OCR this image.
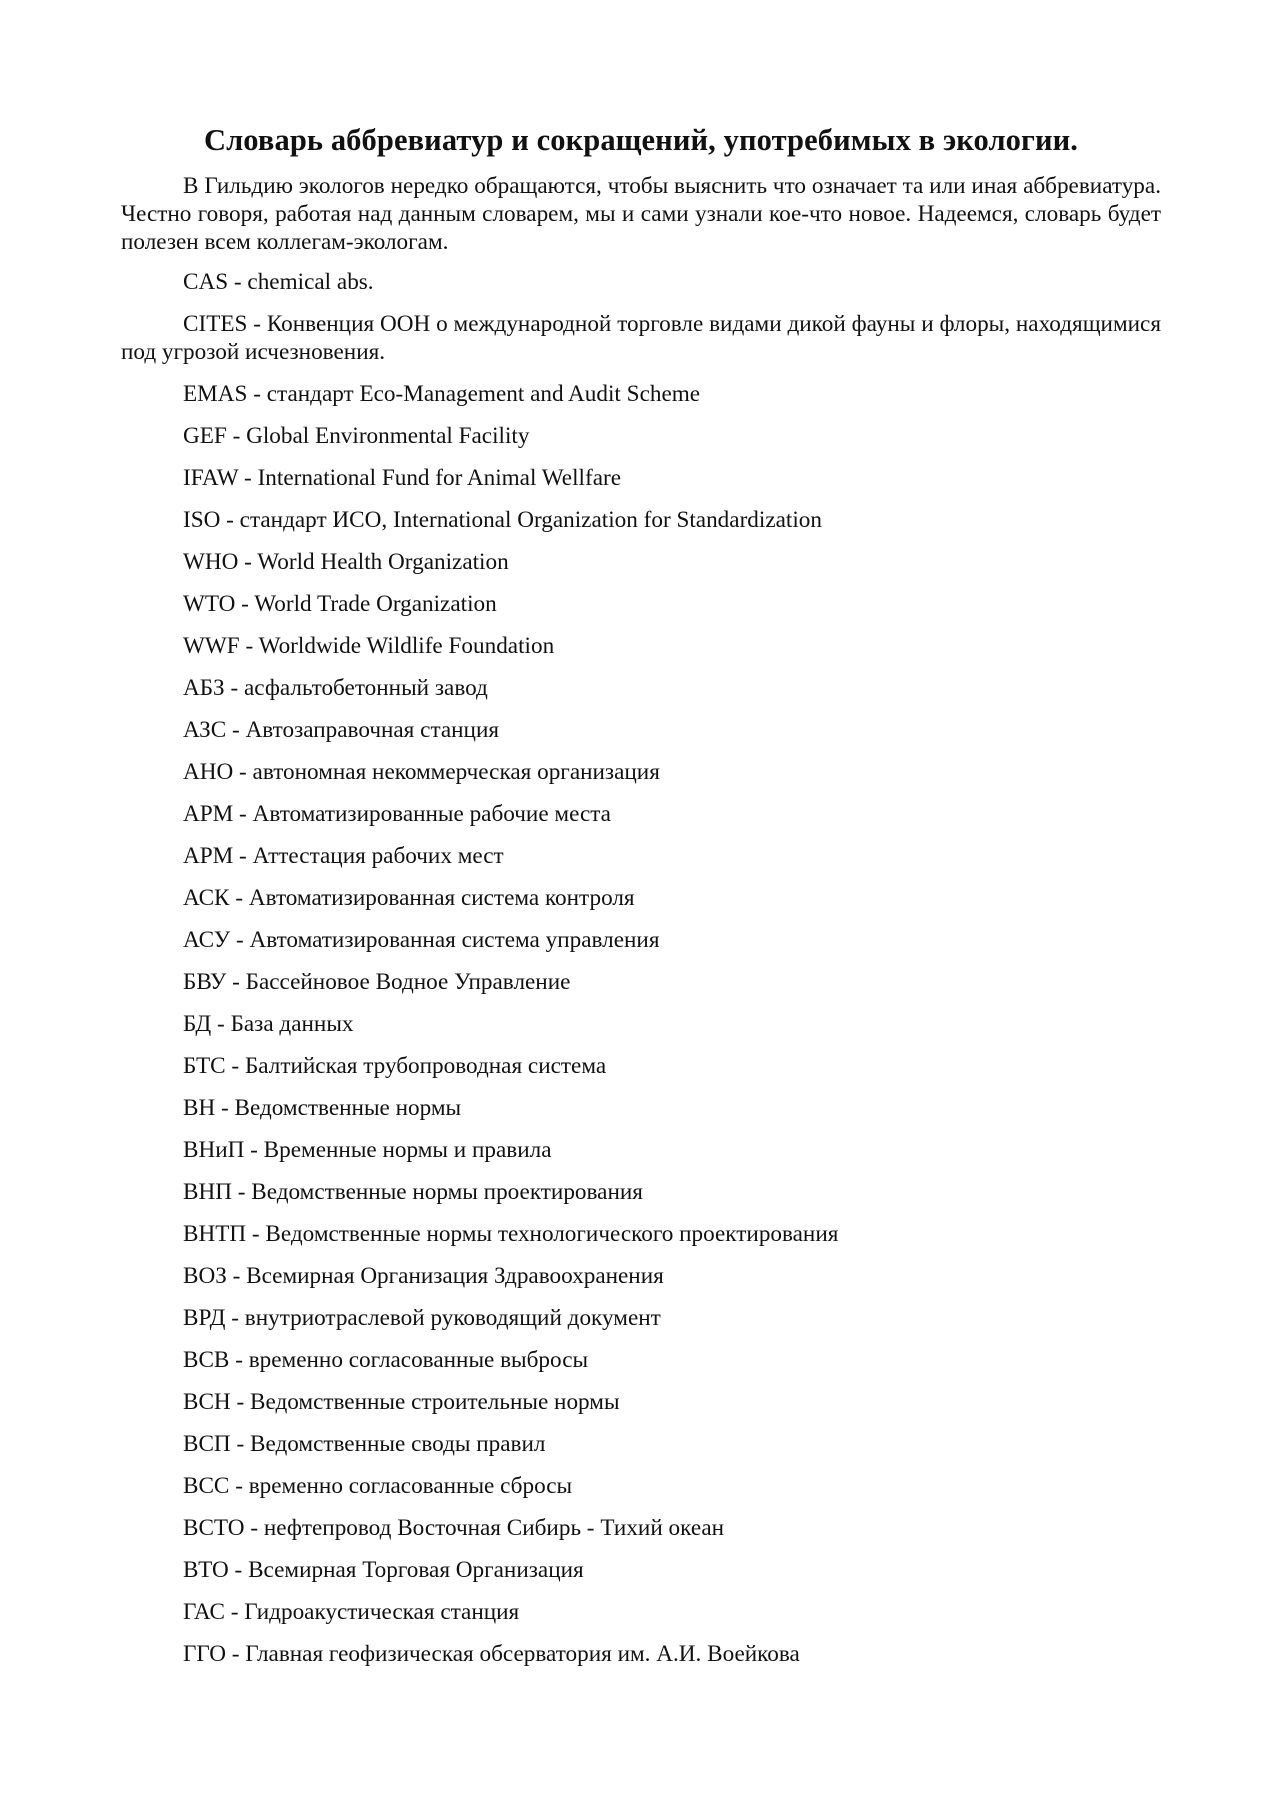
Словарь аббревиатур и сокращений, употребимых в экологии.

В Гильдию экологов нередко обращаются, чтобы выяснить что означает та или иная аббревиатура. Честно говоря, работая над данным словарем, мы и сами узнали кое-что новое. Надеемся, словарь будет полезен всем коллегам-экологам.

CAS - chemical abs.

CITES - Конвенция ООН о международной торговле видами дикой фауны и флоры, находящимися под угрозой исчезновения.

EMAS - стандарт Eco-Management and Audit Scheme

GEF - Global Environmental Facility

IFAW - International Fund for Animal Wellfare

ISO - стандарт ИСО, International Organization for Standardization

WHO - World Health Organization

WTO - World Trade Organization

WWF - Worldwide Wildlife Foundation

АБЗ - асфальтобетонный завод

АЗС - Автозаправочная станция

АНО - автономная некоммерческая организация

АРМ - Автоматизированные рабочие места

АРМ - Аттестация рабочих мест

АСК - Автоматизированная система контроля

АСУ - Автоматизированная система управления

БВУ - Бассейновое Водное Управление

БД - База данных

БТС - Балтийская трубопроводная система

ВН - Ведомственные нормы

ВНиП - Временные нормы и правила

ВНП - Ведомственные нормы проектирования

ВНТП - Ведомственные нормы технологического проектирования

ВОЗ - Всемирная Организация Здравоохранения

ВРД - внутриотраслевой руководящий документ

ВСВ - временно согласованные выбросы

ВСН - Ведомственные строительные нормы

ВСП - Ведомственные своды правил

ВСС - временно согласованные сбросы

ВСТО - нефтепровод Восточная Сибирь - Тихий океан

ВТО - Всемирная Торговая Организация

ГАС - Гидроакустическая станция

ГГО - Главная геофизическая обсерватория им. А.И. Воейкова
